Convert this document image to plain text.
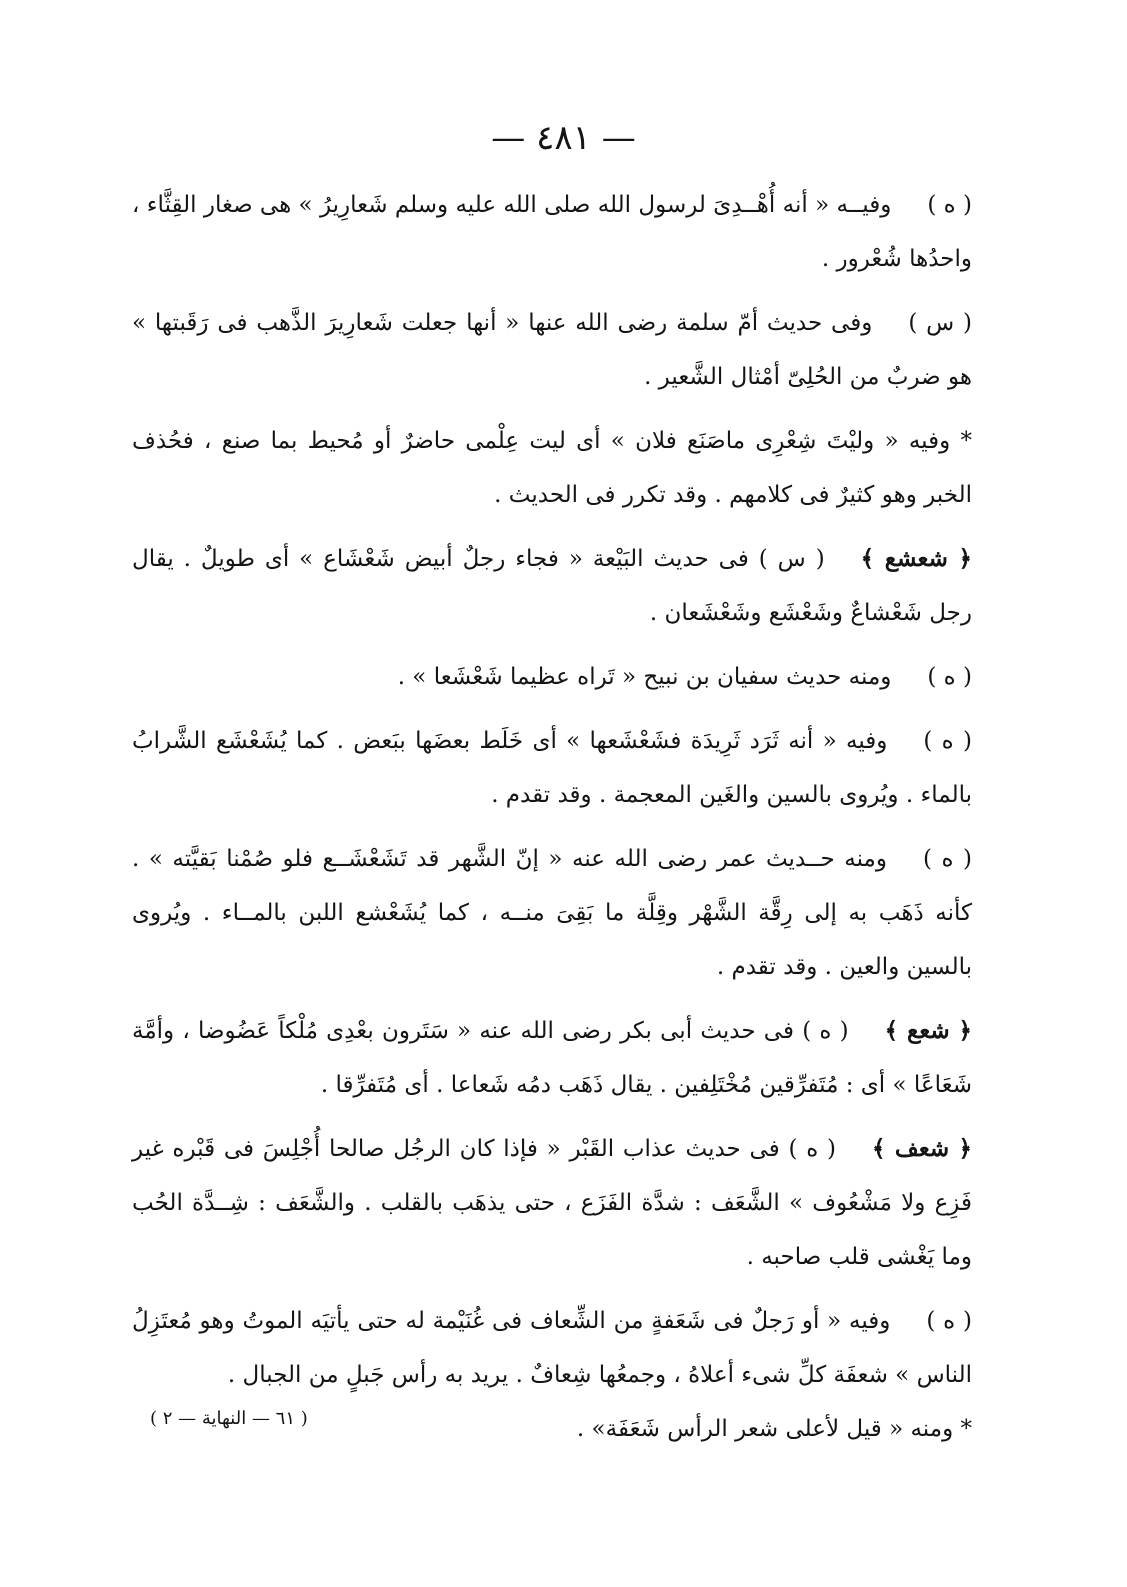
— ٤٨١ —

( ه )وفيــه « أنه أُهْــدِىَ لرسول الله صلى الله عليه وسلم شَعارِيرُ » هى صغار القِثَّاء ، واحدُها شُعْرور .

( س )وفى حديث أمّ سلمة رضى الله عنها « أنها جعلت شَعارِيرَ الذَّهب فى رَقَبتها » هو ضربٌ من الحُلِىّ أمْثال الشَّعير .

* وفيه « وليْتَ شِعْرِى ماصَنَع فلان » أى ليت عِلْمى حاضرٌ أو مُحيط بما صنع ، فحُذف الخبر وهو كثيرٌ فى كلامهم . وقد تكرر فى الحديث .

﴿ شعشع ﴾( س ) فى حديث البَيْعة « فجاء رجلٌ أبيض شَعْشَاع » أى طويلٌ . يقال رجل شَعْشاعٌ وشَعْشَع وشَعْشَعان .

( ه )ومنه حديث سفيان بن نبيح « تَراه عظيما شَعْشَعا » .

( ه )وفيه « أنه ثَرَد ثَرِيدَة فشَعْشَعها » أى خَلَط بعضَها ببَعض . كما يُشَعْشَع الشَّرابُ بالماء . ويُروى بالسين والغَين المعجمة . وقد تقدم .

( ه )ومنه حــديث عمر رضى الله عنه « إنّ الشَّهر قد تَشَعْشَــع فلو صُمْنا بَقيَّته » . كأنه ذَهَب به إلى رِقَّة الشَّهْر وقِلَّة ما بَقِىَ منــه ، كما يُشَعْشع اللبن بالمــاء . ويُروى بالسين والعين . وقد تقدم .

﴿ شعع ﴾( ه ) فى حديث أبى بكر رضى الله عنه « سَتَرون بعْدِى مُلْكاً عَضُوضا ، وأمَّة شَعَاعًا » أى : مُتَفرِّقين مُخْتَلِفين . يقال ذَهَب دمُه شَعاعا . أى مُتَفرِّقا .

﴿ شعف ﴾( ه ) فى حديث عذاب القَبْر « فإذا كان الرجُل صالحا أُجْلِسَ فى قَبْره غير فَزِع ولا مَشْعُوف » الشَّعَف : شدَّة الفَزَع ، حتى يذهَب بالقلب . والشَّعَف : شِــدَّة الحُب وما يَغْشى قلب صاحبه .

( ه )وفيه « أو رَجلٌ فى شَعَفةٍ من الشِّعاف فى غُنَيْمة له حتى يأتيَه الموتُ وهو مُعتَزِلُ الناس » شعفَة كلِّ شىء أعلاهُ ، وجمعُها شِعافٌ . يريد به رأس جَبلٍ من الجبال .

* ومنه « قيل لأعلى شعر الرأس شَعَفَة» .

( ٦١ — النهاية — ٢ )
